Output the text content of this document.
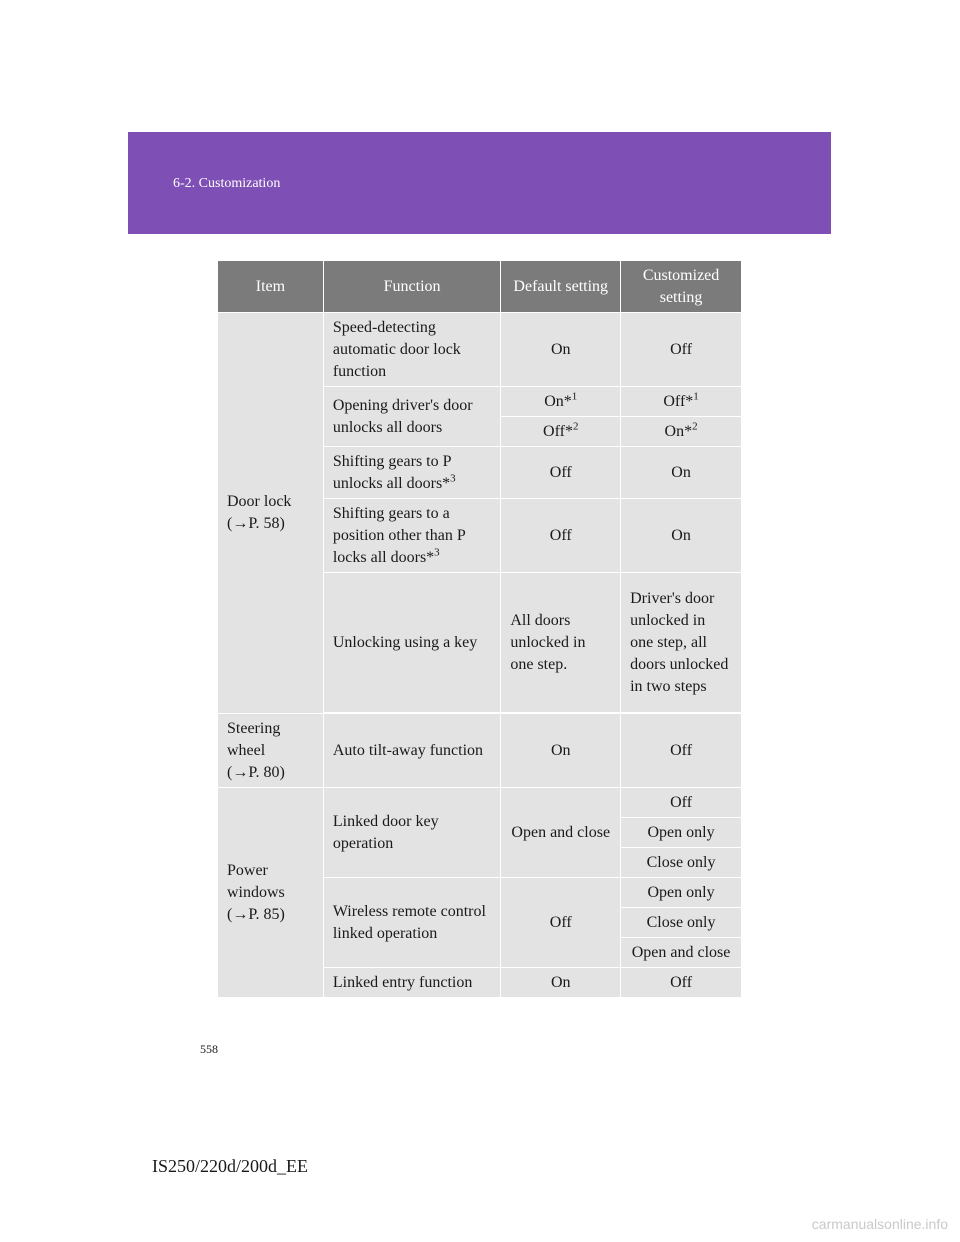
6-2. Customization
Item	Function	Default setting	Customized setting
Door lock
(→P. 58)	Speed-detecting automatic door lock function	On	Off
	Opening driver's door unlocks all doors	On*$^1$	Off*$^1$
		Off*$^2$	On*$^2$
	Shifting gears to P unlocks all doors*$^3$	Off	On
	Shifting gears to a position other than P locks all doors*$^3$	Off	On
	Unlocking using a key	All doors unlocked in one step.	Driver's door unlocked in one step, all doors unlocked in two steps

Steering wheel
(→P. 80)	Auto tilt-away function	On	Off
Power windows
(→P. 85)	Linked door key operation	Open and close	Off
			Open only
			Close only
	Wireless remote control linked operation	Off	Open only
			Close only
			Open and close
	Linked entry function	On	Off
558
IS250/220d/200d_EE
carmanualsonline.info
